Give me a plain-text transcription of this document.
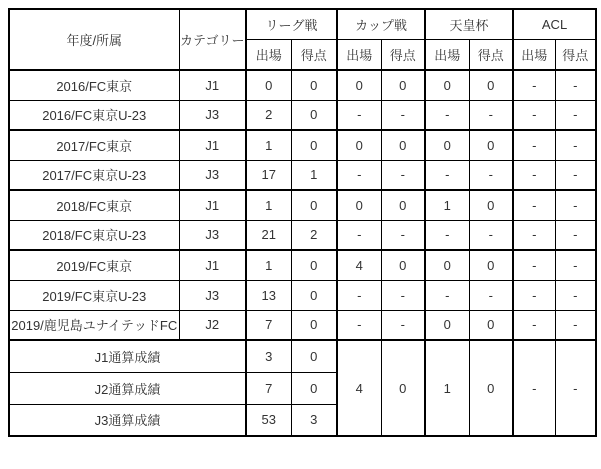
年度/所属	カテゴリー	リーグ戦		カップ戦		天皇杯		ACL	
		出場	得点	出場	得点	出場	得点	出場	得点
2016/FC東京	J1	0	0	0	0	0	0	-	-
2016/FC東京U-23	J3	2	0	-	-	-	-	-	-
2017/FC東京	J1	1	0	0	0	0	0	-	-
2017/FC東京U-23	J3	17	1	-	-	-	-	-	-
2018/FC東京	J1	1	0	0	0	1	0	-	-
2018/FC東京U-23	J3	21	2	-	-	-	-	-	-
2019/FC東京	J1	1	0	4	0	0	0	-	-
2019/FC東京U-23	J3	13	0	-	-	-	-	-	-
2019/鹿児島ユナイテッドFC	J2	7	0	-	-	0	0	-	-
J1通算成績		3	0	4	0	1	0	-	-
J2通算成績		7	0						
J3通算成績		53	3						
